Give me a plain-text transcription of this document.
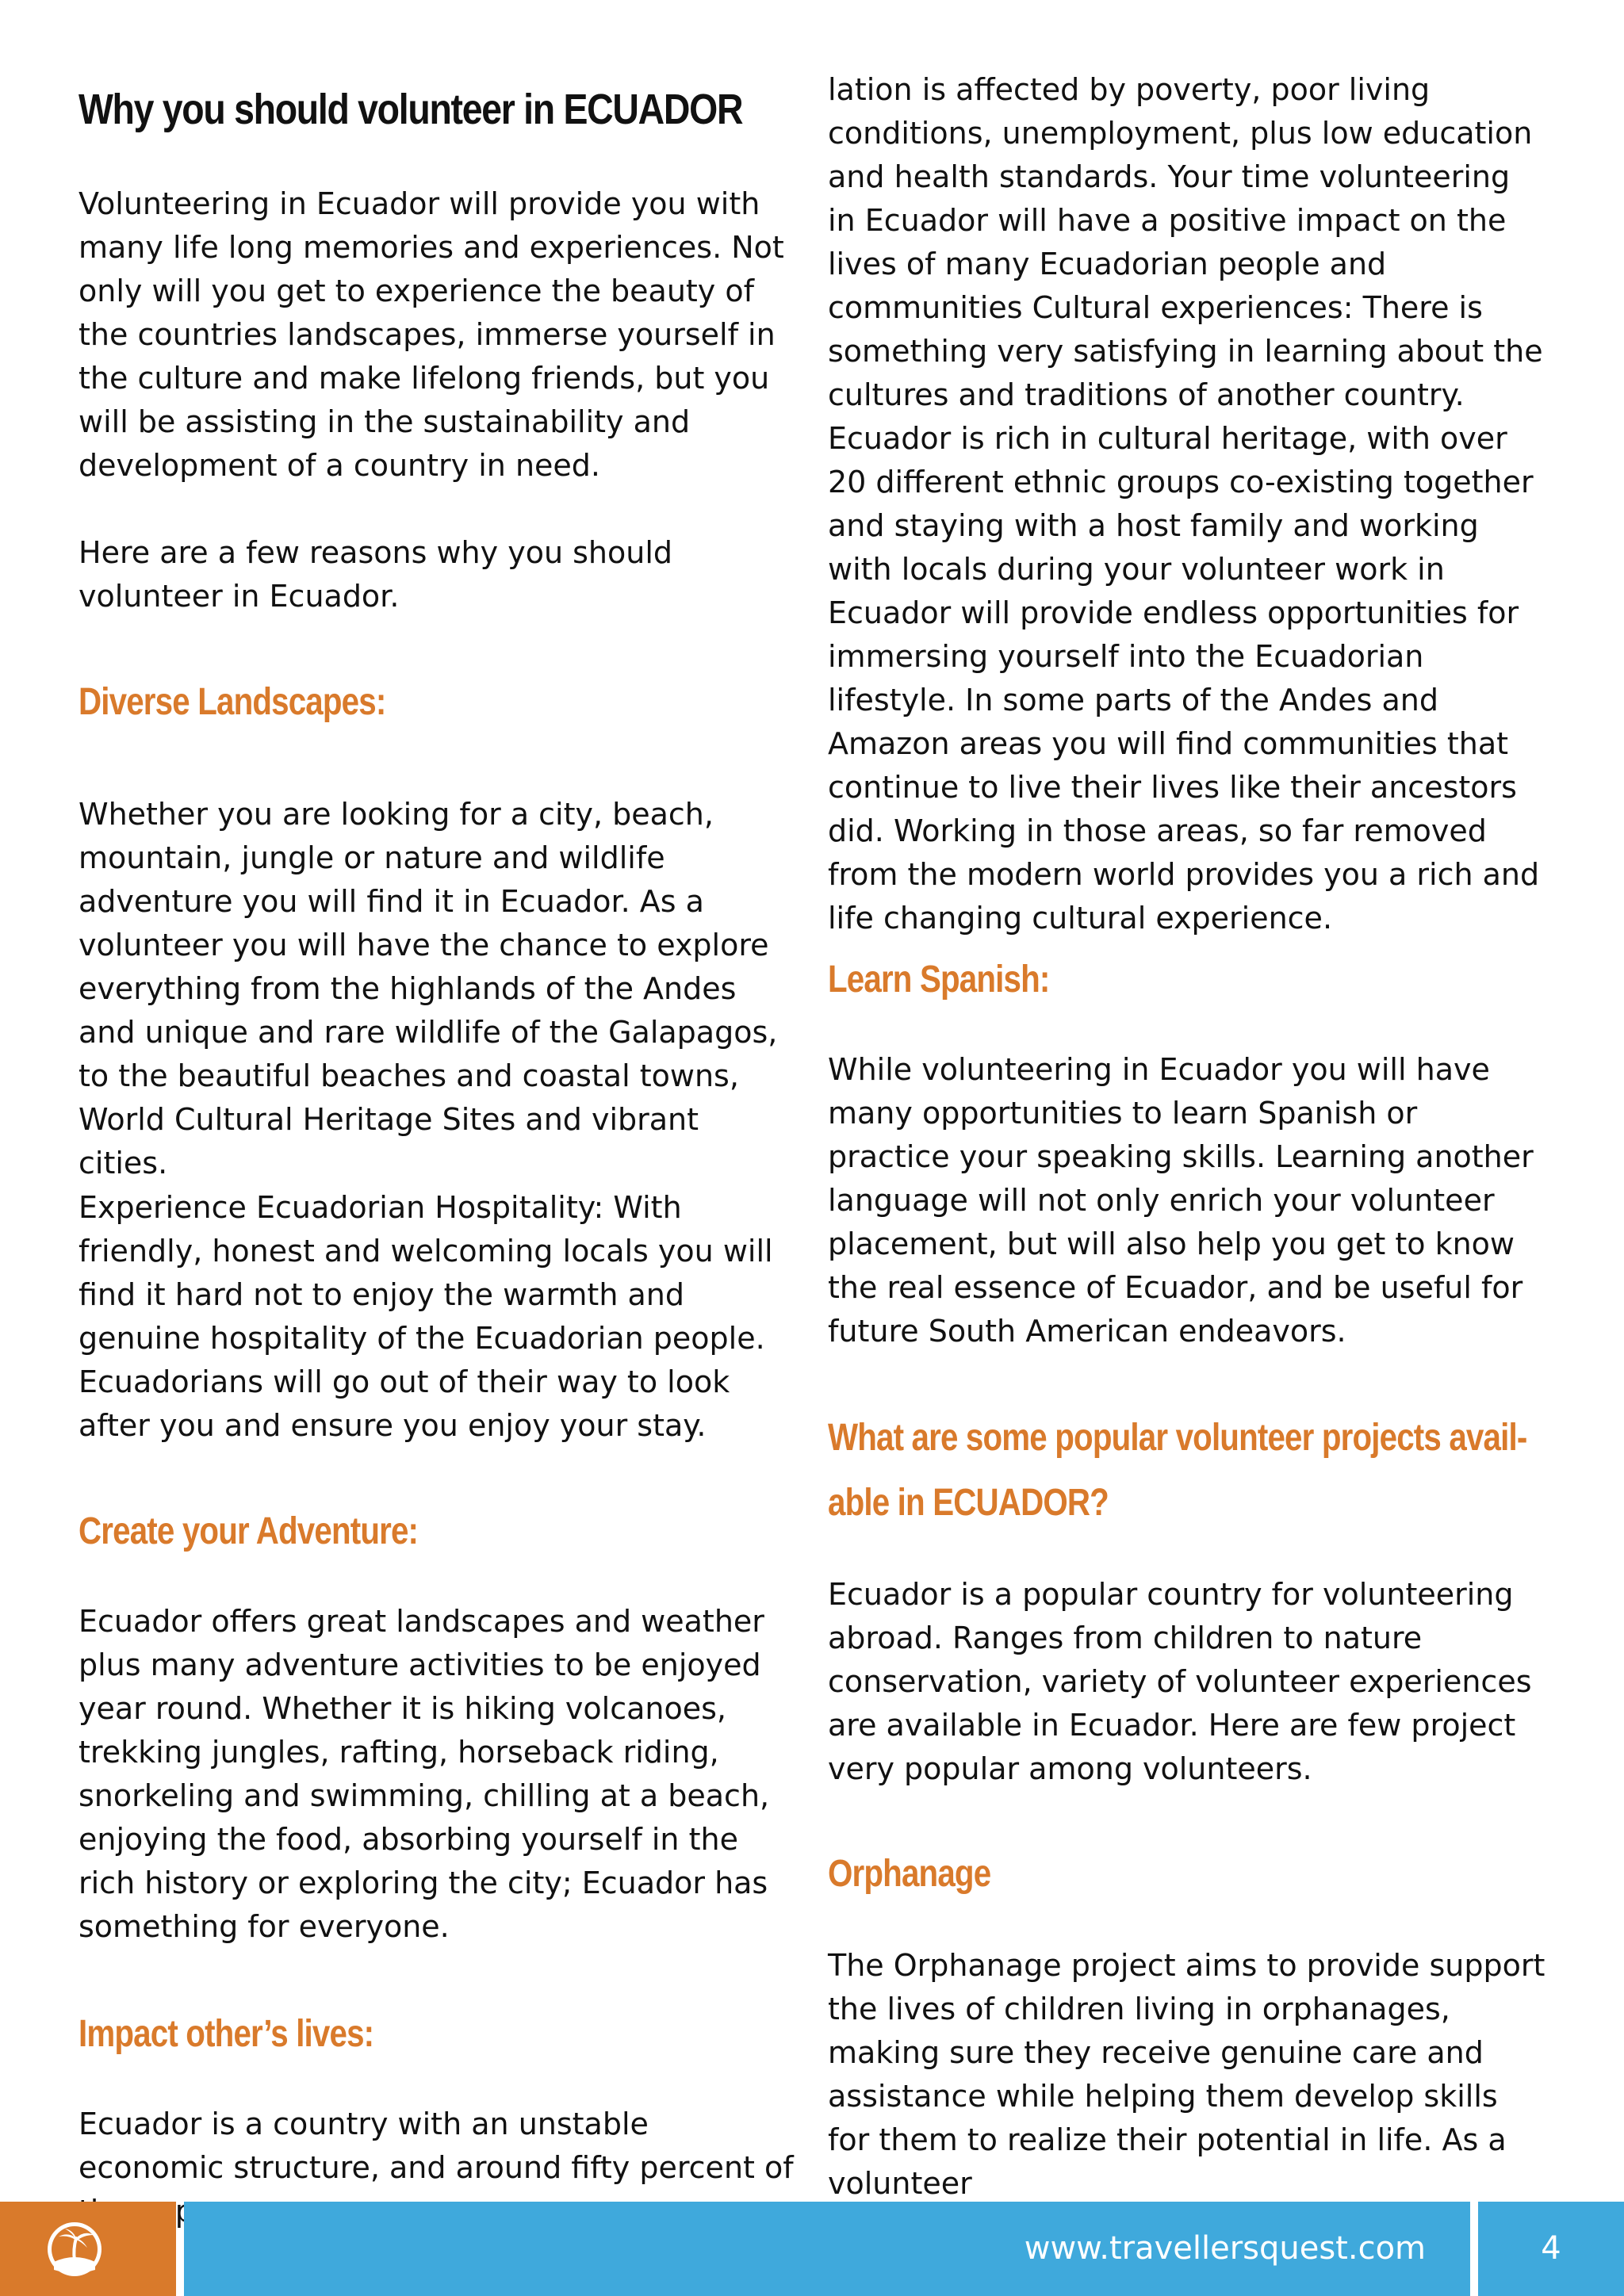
Why you should volunteer in ECUADOR

Volunteering in Ecuador will provide you with many life long memories and experiences. Not only will you get to experience the beauty of the countries landscapes, immerse yourself in the culture and make lifelong friends, but you will be assisting in the sustainability and development of a country in need.

Here are a few reasons why you should volunteer in Ecuador.

Diverse Landscapes:

Whether you are looking for a city, beach, mountain, jungle or nature and wildlife adventure you will find it in Ecuador. As a volunteer you will have the chance to explore everything from the highlands of the Andes and unique and rare wildlife of the Galapagos, to the beautiful beaches and coastal towns, World Cultural Heritage Sites and vibrant cities.

Experience Ecuadorian Hospitality: With friendly, honest and welcoming locals you will find it hard not to enjoy the warmth and genuine hospitality of the Ecuadorian people. Ecuadorians will go out of their way to look after you and ensure you enjoy your stay.

Create your Adventure:

Ecuador offers great landscapes and weather plus many adventure activities to be enjoyed year round. Whether it is hiking volcanoes, trekking jungles, rafting, horseback riding, snorkeling and swimming, chilling at a beach, enjoying the food, absorbing yourself in the rich history or exploring the city; Ecuador has something for everyone.

Impact other’s lives:

Ecuador is a country with an unstable economic structure, and around fifty percent of popu-

lation is affected by poverty, poor living conditions, unemployment, plus low education and health standards. Your time volunteering in Ecuador will have a positive impact on the lives of many Ecuadorian people and communities Cultural experiences: There is something very satisfying in learning about the cultures and traditions of another country. Ecuador is rich in cultural heritage, with over 20 different ethnic groups co-existing together and staying with a host family and working with locals during your volunteer work in Ecuador will provide endless opportunities for immersing yourself into the Ecuadorian lifestyle. In some parts of the Andes and Amazon areas you will find communities that continue to live their lives like their ancestors did. Working in those areas, so far removed from the modern world provides you a rich and life changing cultural experience.

Learn Spanish:

While volunteering in Ecuador you will have many opportunities to learn Spanish or practice your speaking skills. Learning another language will not only enrich your volunteer placement, but will also help you get to know the real essence of Ecuador, and be useful for future South American endeavors.

What are some popular volunteer projects avail-
able in ECUADOR?

Ecuador is a popular country for volunteering abroad. Ranges from children to nature conservation, variety of volunteer experiences are available in Ecuador. Here are few project very popular among volunteers.

Orphanage

The Orphanage project aims to provide support the lives of children living in orphanages, making sure they receive genuine care and assistance while helping them develop skills for them to realize their potential in life. As a volunteer

www.travellersquest.com	4
